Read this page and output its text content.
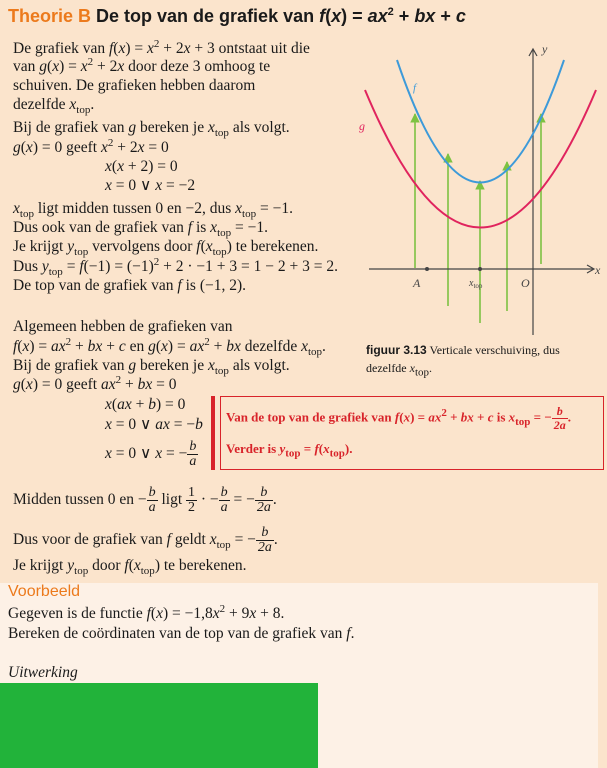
Theorie B De top van de grafiek van $f(x) = ax^2$ + bx + c
De grafiek van $f(x) = x^2 + 2x + 3$ ontstaat uit die
van $g(x) = x^2 + 2x$ door deze 3 omhoog te
schuiven. De grafieken hebben daarom
dezelfde $x_{top}$.
Bij de grafiek van g bereken je $x_{top}$ als volgt.
g(x) = 0 geeft $x^2 + 2x = 0$
x(x + 2) = 0
x = 0 ∨ x = −2
$x_{top}$ ligt midden tussen 0 en −2, dus $x_{top} = -1$.
Dus ook van de grafiek van f is $x_{top} = -1$.
Je krijgt $y_{top}$ vervolgens door $f(x_{top})$ te berekenen.
Dus $y_{top} = f(-1) = (-1)^2 + 2 \cdot -1 + 3 = 1 - 2 + 3 = 2$.
De top van de grafiek van f is (−1, 2).
Algemeen hebben de grafieken van
$f(x) = ax^2$ + bx + c en $g(x) = ax^2$ + bx dezelfde $x_{top}$.
Bij de grafiek van g bereken je $x_{top}$ als volgt.
g(x) = 0 geeft $ax^2$ + bx = 0
x(ax + b) = 0
x = 0 ∨ ax = −b
x = 0 ∨ x = − $\frac{b}{a}$
Midden tussen 0 en − $\frac{b}{a}$ ligt $\frac{1}{2}$ · − $\frac{b}{a}$ = − $\frac{b}{2a}$ .
Dus voor de grafiek van f geldt $x_{top}$ = − $\frac{b}{2a}$ .
Je krijgt $y_{top}$ door $f(x_{top})$ te berekenen.
Van de top van de grafiek van $f(x) = ax^2$ + bx + c is $x_{top}$ = − $\frac{b}{2a}$ .
Verder is $y_{top} = f(x_{top})$.
y
x
f
g
A	O
$x_{top}$
figuur 3.13 Verticale verschuiving, dus dezelfde $x_{top}$.
Voorbeeld
Gegeven is de functie $f(x) = -1,8x^2 + 9x + 8$.
Bereken de coördinaten van de top van de grafiek van f.
Uitwerking
